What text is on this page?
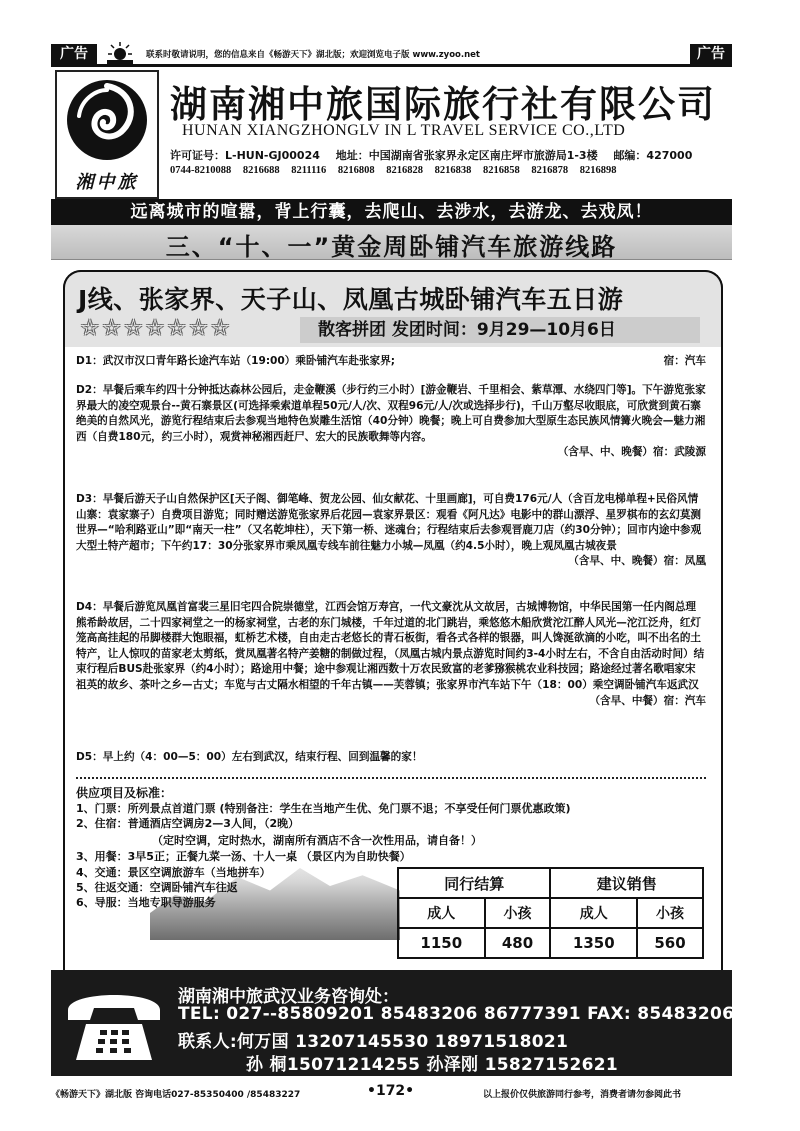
广告	联系时敬请说明，您的信息来自《畅游天下》湖北版；欢迎浏览电子版 www.zyoo.net	广告
湘中旅
湖南湘中旅国际旅行社有限公司
HUNAN XIANGZHONGLV IN L TRAVEL SERVICE CO.,LTD
许可证号：L-HUN-GJ00024 地址：中国湖南省张家界永定区南庄坪市旅游局1-3楼 邮编：427000
0744-8210088 8216688 8211116 8216808 8216828 8216838 8216858 8216878 8216898
远离城市的喧嚣，背上行囊，去爬山、去涉水，去游龙、去戏凤！
三、“十、一”黄金周卧铺汽车旅游线路
J线、张家界、天子山、凤凰古城卧铺汽车五日游
☆☆☆☆☆☆☆	散客拼团 发团时间：9月29—10月6日
D1：武汉市汉口青年路长途汽车站（19:00）乘卧铺汽车赴张家界;	宿：汽车
D2：早餐后乘车约四十分钟抵达森林公园后，走金鞭溪（步行约三小时）[游金鞭岩、千里相会、紫草潭、水绕四门等]。下午游览张家界最大的凌空观景台--黄石寨景区(可选择乘索道单程50元/人/次、双程96元/人/次或选择步行)，千山万壑尽收眼底，可欣赏到黄石寨绝美的自然风光，游览行程结束后去参观当地特色炭雕生活馆（40分钟）晚餐；晚上可自费参加大型原生态民族风情篝火晚会—魅力湘西（自费180元，约三小时），观赏神秘湘西赶尸、宏大的民族歌舞等内容。
（含早、中、晚餐）宿：武陵源
D3：早餐后游天子山自然保护区[天子阁、御笔峰、贺龙公园、仙女献花、十里画廊]，可自费176元/人（含百龙电梯单程+民俗风情山寨：袁家寨子）自费项目游览；同时赠送游览张家界后花园—袁家界景区：观看《阿凡达》电影中的群山漂浮、星罗棋布的玄幻莫测世界—“哈利路亚山”即“南天一柱”（又名乾坤柱），天下第一桥、迷魂台；行程结束后去参观晋鹿刀店（约30分钟）；回市内途中参观大型土特产超市；下午约17：30分张家界市乘凤凰专线车前往魅力小城—凤凰（约4.5小时），晚上观凤凰古城夜景
（含早、中、晚餐）宿：凤凰
D4：早餐后游览凤凰首富裴三星旧宅四合院崇德堂，江西会馆万寿宫，一代文豪沈从文故居，古城博物馆，中华民国第一任内阁总理熊希龄故居，二十四家祠堂之一的杨家祠堂，古老的东门城楼，千年过道的北门跳岩，乘悠悠木船欣赏沱江醉人风光—沱江泛舟，红灯笼高高挂起的吊脚楼群大饱眼福，虹桥艺术楼，自由走古老悠长的青石板街，看各式各样的银器，叫人馋涎欲滴的小吃，叫不出名的土特产，让人惊叹的苗家老太剪纸，赏凤凰著名特产姜糖的制做过程，（凤凰古城内景点游览时间约3-4小时左右，不含自由活动时间）结束行程后BUS赴张家界（约4小时）；路途用中餐；途中参观让湘西数十万农民致富的老爹猕猴桃农业科技园；路途经过著名歌唱家宋祖英的故乡、茶叶之乡—古丈；车览与古丈隔水相望的千年古镇——芙蓉镇；张家界市汽车站下午（18：00）乘空调卧铺汽车返武汉
（含早、中餐）宿：汽车
D5：早上约（4：00—5：00）左右到武汉，结束行程、回到温馨的家！
供应项目及标准：
1、门票：所列景点首道门票 (特别备注：学生在当地产生优、免门票不退；不享受任何门票优惠政策)
2、住宿：普通酒店空调房2—3人间，（2晚）
（定时空调，定时热水，湖南所有酒店不含一次性用品，请自备！）
3、用餐：3早5正；正餐九菜一汤、十人一桌 （景区内为自助快餐）
4、交通：景区空调旅游车（当地拼车）
5、往返交通：空调卧铺汽车往返
6、导服：当地专职导游服务
同行结算		建议销售	
成人	小孩	成人	小孩
1150	480	1350	560
湖南湘中旅武汉业务咨询处：
TEL: 027--85809201 85483206 86777391 FAX: 85483206
联系人:何万国 13207145530 18971518021
孙 桐15071214255 孙泽刚 15827152621
《畅游天下》湖北版 咨询电话027-85350400 /85483227	•172•	以上报价仅供旅游同行参考，消费者请勿参阅此书
